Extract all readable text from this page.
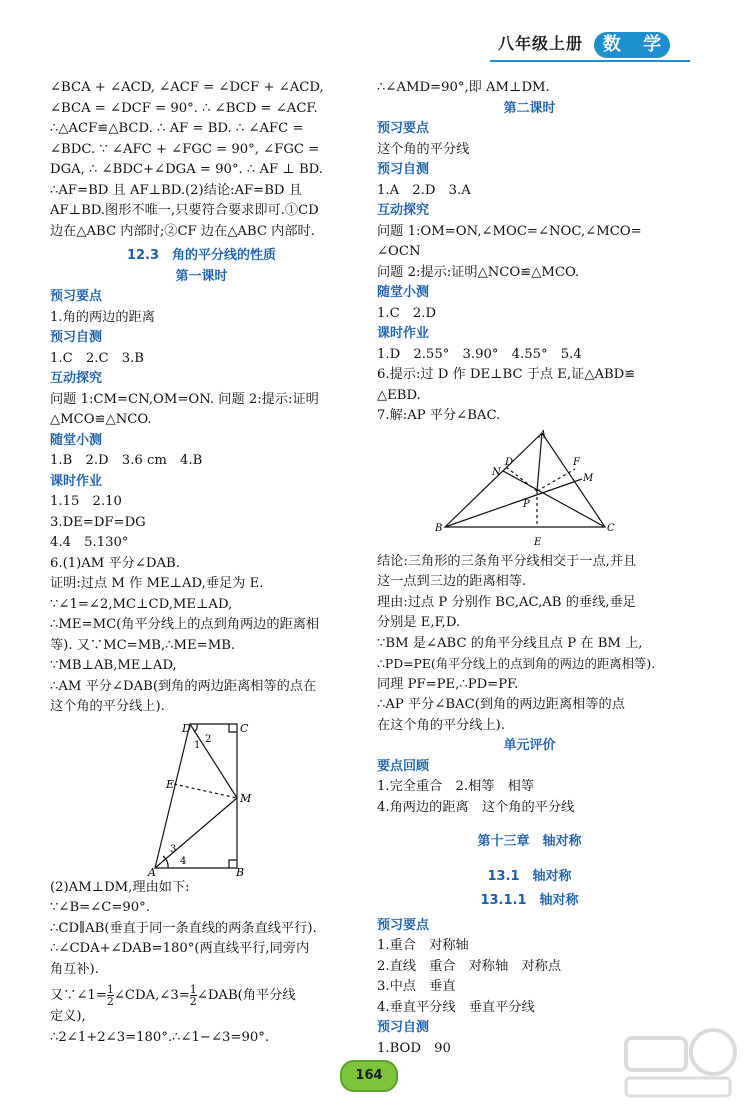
八年级上册	数 学
∠BCA + ∠ACD, ∠ACF = ∠DCF + ∠ACD,
∠BCA = ∠DCF = 90°. ∴ ∠BCD = ∠ACF.
∴△ACF≌△BCD. ∴ AF = BD. ∴ ∠AFC =
∠BDC. ∵ ∠AFC + ∠FGC = 90°, ∠FGC =
DGA, ∴ ∠BDC+∠DGA = 90°. ∴ AF ⊥ BD.
∴AF=BD 且 AF⊥BD.(2)结论:AF=BD 且
AF⊥BD.图形不唯一,只要符合要求即可.①CD
边在△ABC 内部时;②CF 边在△ABC 内部时.
12.3　角的平分线的性质
第一课时
预习要点
1.角的两边的距离
预习自测
1.C　2.C　3.B
互动探究
问题 1:CM=CN,OM=ON. 问题 2:提示:证明
△MCO≌△NCO.
随堂小测
1.B　2.D　3.6 cm　4.B
课时作业
1.15　2.10
3.DE=DF=DG
4.4　5.130°
6.(1)AM 平分∠DAB.
证明:过点 M 作 ME⊥AD,垂足为 E.
∵∠1=∠2,MC⊥CD,ME⊥AD,
∴ME=MC(角平分线上的点到角两边的距离相
等). 又∵MC=MB,∴ME=MB.
∵MB⊥AB,ME⊥AD,
∴AM 平分∠DAB(到角的两边距离相等的点在
这个角的平分线上).
D	C
E
M
A	B
1
2
3
4
(2)AM⊥DM,理由如下:
∵∠B=∠C=90°.
∴CD∥AB(垂直于同一条直线的两条直线平行).
∴∠CDA+∠DAB=180°(两直线平行,同旁内
角互补).
又∵∠1= $\frac{1}{2}$ ∠CDA,∠3= $\frac{1}{2}$ ∠DAB(角平分线
定义),
∴2∠1+2∠3=180°.∴∠1−∠3=90°.
∴∠AMD=90°,即 AM⊥DM.
第二课时
预习要点
这个角的平分线
预习自测
1.A　2.D　3.A
互动探究
问题 1:OM=ON,∠MOC=∠NOC,∠MCO=
∠OCN
问题 2:提示:证明△NCO≌△MCO.
随堂小测
1.C　2.D
课时作业
1.D　2.55°　3.90°　4.55°　5.4
6.提示:过 D 作 DE⊥BC 于点 E,证△ABD≌
△EBD.
7.解:AP 平分∠BAC.
A
D
N
F
M
P
B	C
E
结论:三角形的三条角平分线相交于一点,并且
这一点到三边的距离相等.
理由:过点 P 分别作 BC,AC,AB 的垂线,垂足
分别是 E,F,D.
∵BM 是∠ABC 的角平分线且点 P 在 BM 上,
∴PD=PE(角平分线上的点到角的两边的距离相等).
同理 PF=PE,∴PD=PF.
∴AP 平分∠BAC(到角的两边距离相等的点
在这个角的平分线上).
单元评价
要点回顾
1.完全重合　2.相等　相等
4.角两边的距离　这个角的平分线
第十三章　轴对称
13.1　轴对称
13.1.1　轴对称
预习要点
1.重合　对称轴
2.直线　重合　对称轴　对称点
3.中点　垂直
4.垂直平分线　垂直平分线
预习自测
1.BOD　90
164
